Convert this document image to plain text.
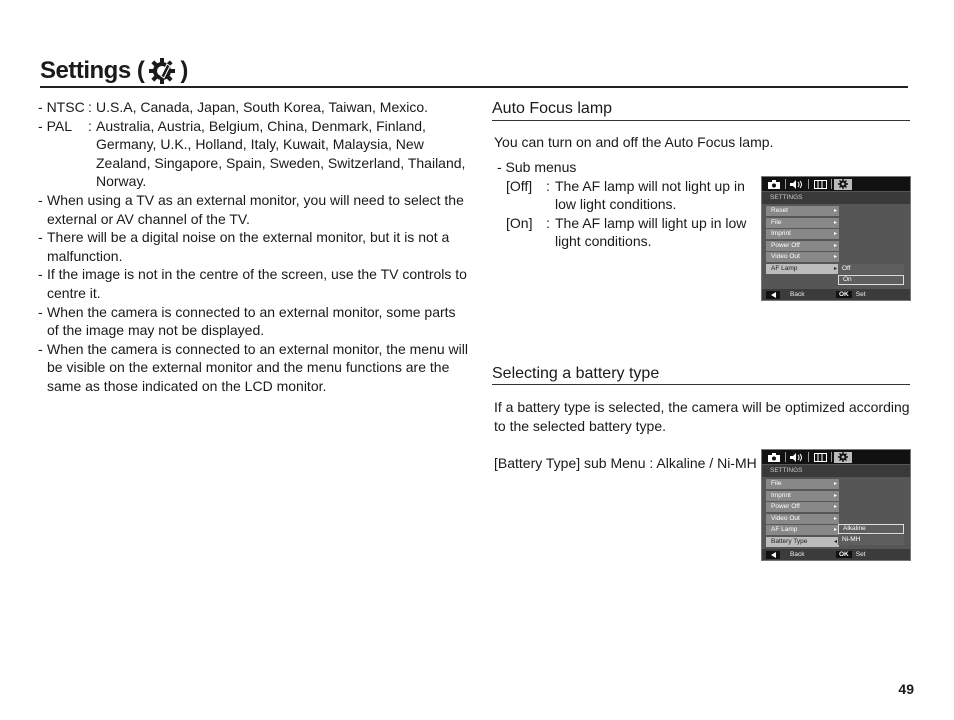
Settings ( )
- NTSC : U.S.A, Canada, Japan, South Korea, Taiwan, Mexico.
- PAL	: Australia, Austria, Belgium, China, Denmark, Finland, Germany, U.K., Holland, Italy, Kuwait, Malaysia, New Zealand, Singapore, Spain, Sweden, Switzerland, Thailand, Norway.
- When using a TV as an external monitor, you will need to select the external or AV channel of the TV.
- There will be a digital noise on the external monitor, but it is not a malfunction.
- If the image is not in the centre of the screen, use the TV controls to centre it.
- When the camera is connected to an external monitor, some parts of the image may not be displayed.
- When the camera is connected to an external monitor, the menu will be visible on the external monitor and the menu functions are the same as those indicated on the LCD monitor.
Auto Focus lamp
You can turn on and off the Auto Focus lamp.
- Sub menus
[Off] : The AF lamp will not light up in low light conditions.
[On] : The AF lamp will light up in low light conditions.
SETTINGS
Reset	▸
File	▸
Imprint	▸
Power Off	▸
Video Out	▸
AF Lamp	▸ Off
On
Back	OK	Set
Selecting a battery type
If a battery type is selected, the camera will be optimized according to the selected battery type.
[Battery Type] sub Menu : Alkaline / Ni-MH	SETTINGS
File	▸
Imprint	▸
Power Off	▸
Video Out	▸
AF Lamp	▸
Battery Type	◂
Alkaline
Ni-MH
Back	OK	Set
49
